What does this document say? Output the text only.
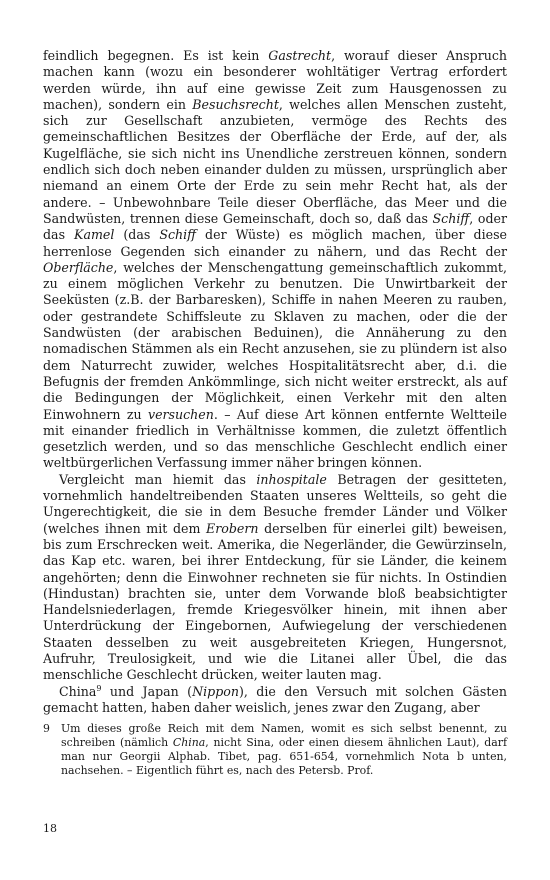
feindlich begegnen. Es ist kein Gastrecht, worauf dieser Anspruch machen kann (wozu ein besonderer wohltätiger Vertrag erfordert werden würde, ihn auf eine gewisse Zeit zum Hausgenossen zu machen), sondern ein Besuchsrecht, welches allen Menschen zusteht, sich zur Gesellschaft anzubieten, vermöge des Rechts des gemeinschaftlichen Besitzes der Oberfläche der Erde, auf der, als Kugelfläche, sie sich nicht ins Unendliche zerstreuen können, sondern endlich sich doch neben einander dulden zu müssen, ursprünglich aber niemand an einem Orte der Erde zu sein mehr Recht hat, als der andere. – Unbewohnbare Teile dieser Oberfläche, das Meer und die Sandwüsten, trennen diese Gemeinschaft, doch so, daß das Schiff, oder das Kamel (das Schiff der Wüste) es möglich machen, über diese herrenlose Gegenden sich einander zu nähern, und das Recht der Oberfläche, welches der Menschengattung gemeinschaftlich zukommt, zu einem möglichen Verkehr zu benutzen. Die Unwirtbarkeit der Seeküsten (z.B. der Barbaresken), Schiffe in nahen Meeren zu rauben, oder gestrandete Schiffsleute zu Sklaven zu machen, oder die der Sandwüsten (der arabischen Beduinen), die Annäherung zu den nomadischen Stämmen als ein Recht anzusehen, sie zu plündern ist also dem Naturrecht zuwider, welches Hospitalitätsrecht aber, d.i. die Befugnis der fremden Ankömmlinge, sich nicht weiter erstreckt, als auf die Bedingungen der Möglichkeit, einen Verkehr mit den alten Einwohnern zu versuchen. – Auf diese Art können entfernte Weltteile mit einander friedlich in Verhältnisse kommen, die zuletzt öffentlich gesetzlich werden, und so das menschliche Geschlecht endlich einer weltbürgerlichen Verfassung immer näher bringen können.

Vergleicht man hiemit das inhospitale Betragen der gesitteten, vornehmlich handeltreibenden Staaten unseres Weltteils, so geht die Ungerechtigkeit, die sie in dem Besuche fremder Länder und Völker (welches ihnen mit dem Erobern derselben für einerlei gilt) beweisen, bis zum Erschrecken weit. Amerika, die Negerländer, die Gewürzinseln, das Kap etc. waren, bei ihrer Entdeckung, für sie Länder, die keinem angehörten; denn die Einwohner rechneten sie für nichts. In Ostindien (Hindustan) brachten sie, unter dem Vorwande bloß beabsichtigter Handelsniederlagen, fremde Kriegesvölker hinein, mit ihnen aber Unterdrückung der Eingebornen, Aufwiegelung der verschiedenen Staaten desselben zu weit ausgebreiteten Kriegen, Hungersnot, Aufruhr, Treulosigkeit, und wie die Litanei aller Übel, die das menschliche Geschlecht drücken, weiter lauten mag.

China$^9$ und Japan (Nippon), die den Versuch mit solchen Gästen gemacht hatten, haben daher weislich, jenes zwar den Zugang, aber

9	Um dieses große Reich mit dem Namen, womit es sich selbst benennt, zu schreiben (nämlich China, nicht Sina, oder einen diesem ähnlichen Laut), darf man nur Georgii Alphab. Tibet, pag. 651-654, vornehmlich Nota b unten, nachsehen. – Eigentlich führt es, nach des Petersb. Prof.

18
